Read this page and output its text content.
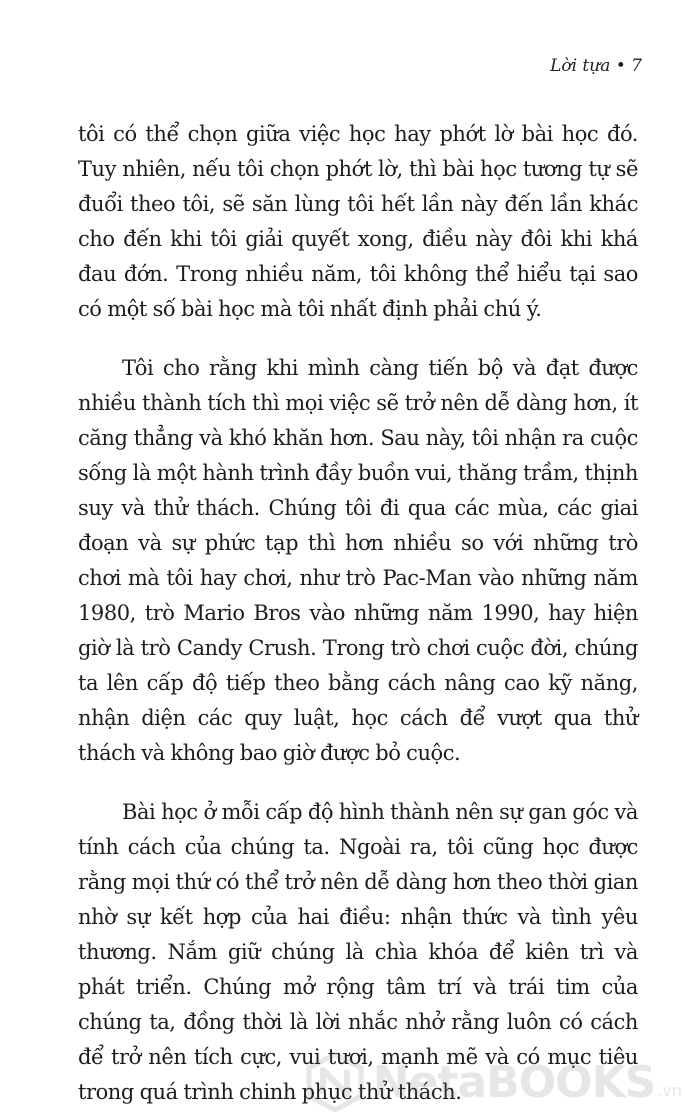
Lời tựa • 7

tôi có thể chọn giữa việc học hay phớt lờ bài học đó. Tuy nhiên, nếu tôi chọn phớt lờ, thì bài học tương tự sẽ đuổi theo tôi, sẽ săn lùng tôi hết lần này đến lần khác cho đến khi tôi giải quyết xong, điều này đôi khi khá đau đớn. Trong nhiều năm, tôi không thể hiểu tại sao có một số bài học mà tôi nhất định phải chú ý.

Tôi cho rằng khi mình càng tiến bộ và đạt được nhiều thành tích thì mọi việc sẽ trở nên dễ dàng hơn, ít căng thẳng và khó khăn hơn. Sau này, tôi nhận ra cuộc sống là một hành trình đầy buồn vui, thăng trầm, thịnh suy và thử thách. Chúng tôi đi qua các mùa, các giai đoạn và sự phức tạp thì hơn nhiều so với những trò chơi mà tôi hay chơi, như trò Pac-Man vào những năm 1980, trò Mario Bros vào những năm 1990, hay hiện giờ là trò Candy Crush. Trong trò chơi cuộc đời, chúng ta lên cấp độ tiếp theo bằng cách nâng cao kỹ năng, nhận diện các quy luật, học cách để vượt qua thử thách và không bao giờ được bỏ cuộc.

Bài học ở mỗi cấp độ hình thành nên sự gan góc và tính cách của chúng ta. Ngoài ra, tôi cũng học được rằng mọi thứ có thể trở nên dễ dàng hơn theo thời gian nhờ sự kết hợp của hai điều: nhận thức và tình yêu thương. Nắm giữ chúng là chìa khóa để kiên trì và phát triển. Chúng mở rộng tâm trí và trái tim của chúng ta, đồng thời là lời nhắc nhở rằng luôn có cách để trở nên tích cực, vui tươi, mạnh mẽ và có mục tiêu trong quá trình chinh phục thử thách.

NetaBOOKS .vn
